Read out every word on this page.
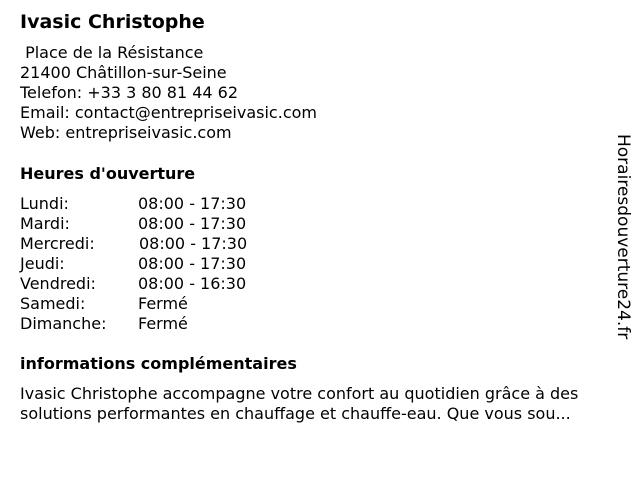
Ivasic Christophe
Place de la Résistance
21400 Châtillon-sur-Seine
Telefon: +33 3 80 81 44 62
Email: contact@entrepriseivasic.com
Web: entrepriseivasic.com
Heures d'ouverture
Lundi:	08:00 - 17:30
Mardi:	08:00 - 17:30
Mercredi:	08:00 - 17:30
Jeudi:	08:00 - 17:30
Vendredi:	08:00 - 16:30
Samedi:	Fermé
Dimanche: Fermé
informations complémentaires
Ivasic Christophe accompagne votre confort au quotidien grâce à des
solutions performantes en chauffage et chauffe-eau. Que vous sou...
Horairesdouverture24.fr
